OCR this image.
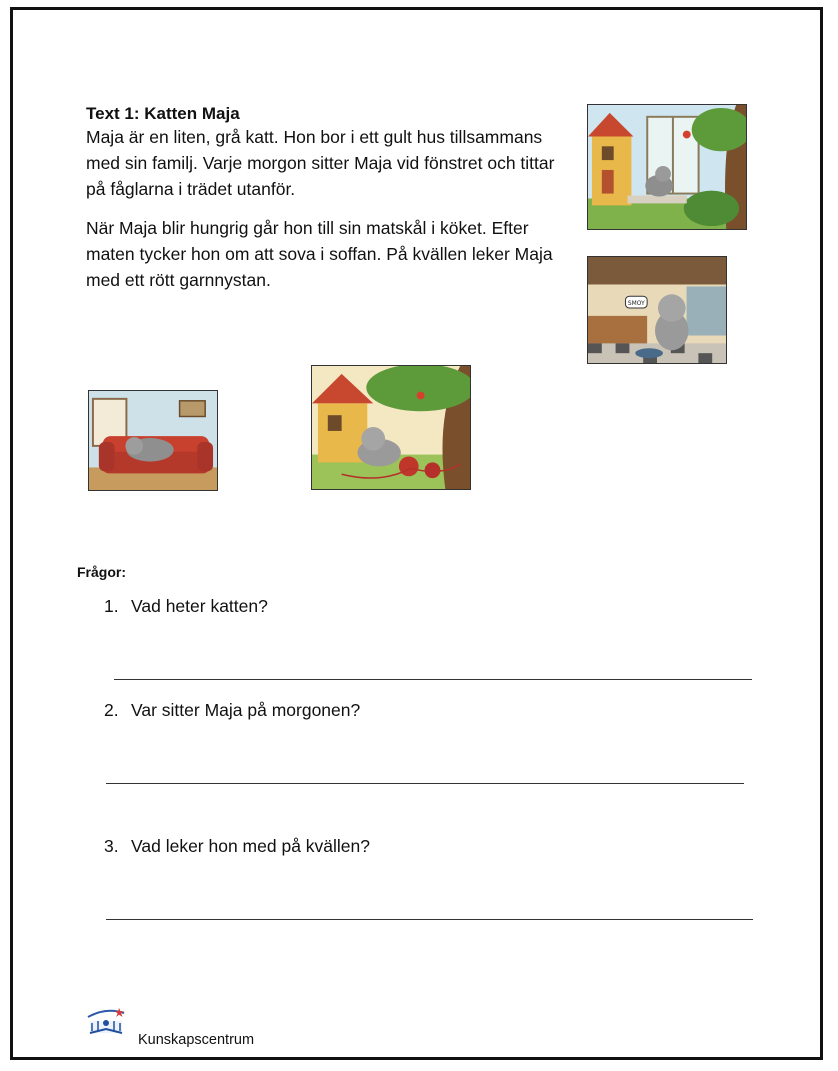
Text 1: Katten Maja

Maja är en liten, grå katt. Hon bor i ett gult hus tillsammans med sin familj. Varje morgon sitter Maja vid fönstret och tittar på fåglarna i trädet utanför.

När Maja blir hungrig går hon till sin matskål i köket. Efter maten tycker hon om att sova i soffan. På kvällen leker Maja med ett rött garnnystan.

SMOY
Frågor:
1. Vad heter katten?
2. Var sitter Maja på morgonen?
3. Vad leker hon med på kvällen?
Kunskapscentrum
